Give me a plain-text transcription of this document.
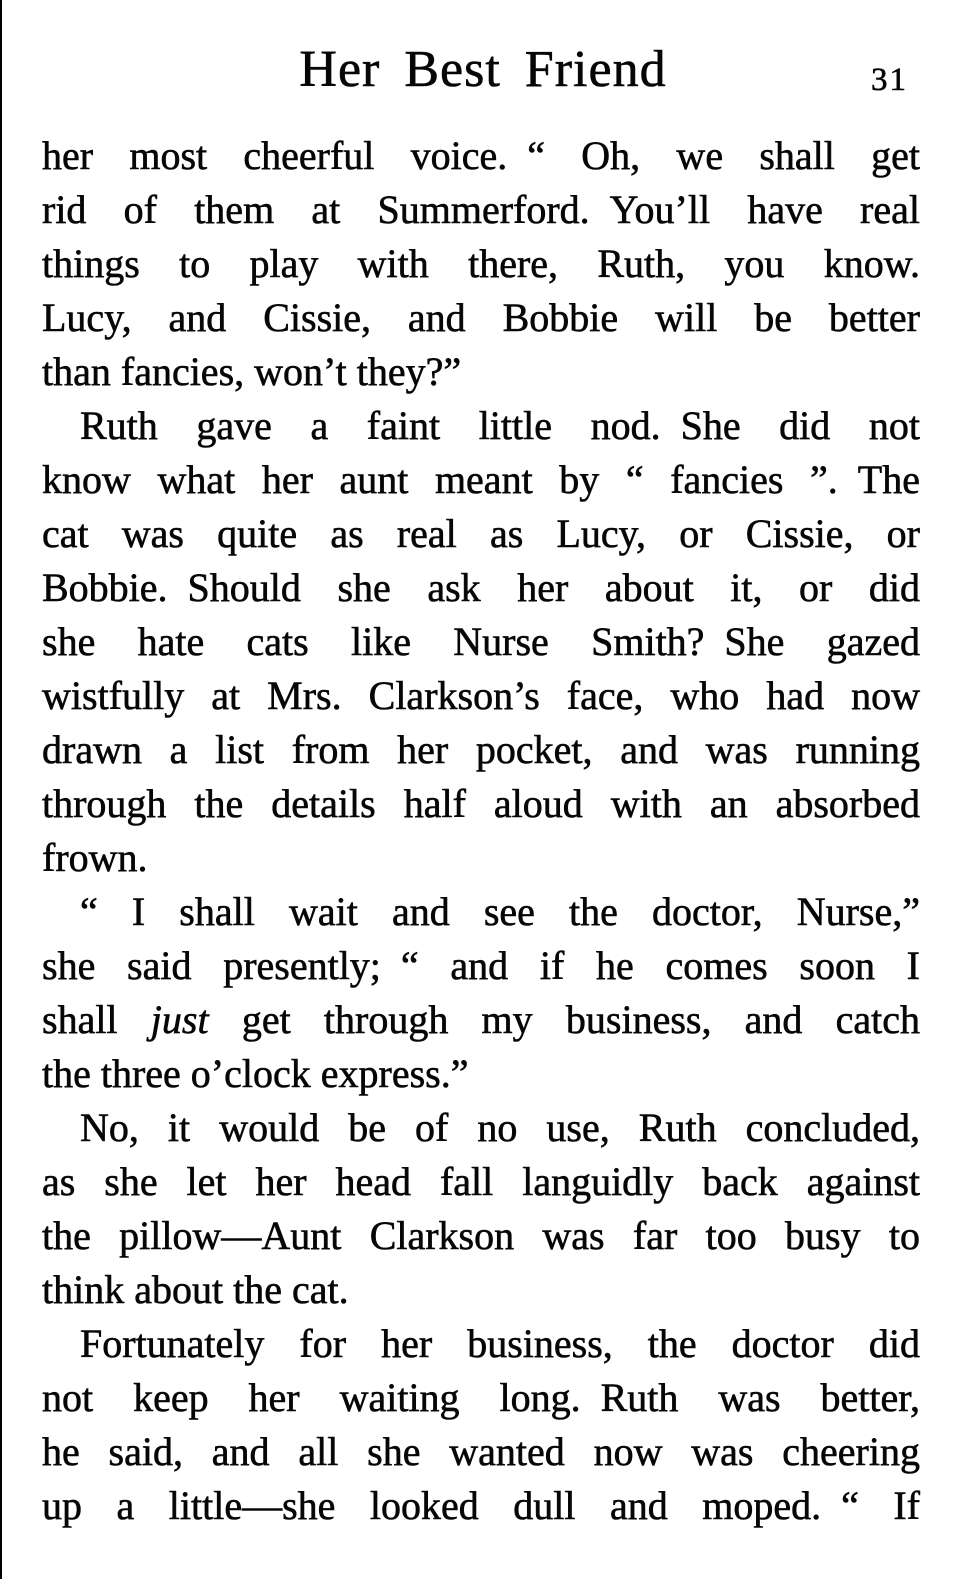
Her Best Friend	31
her most cheerful voice. “ Oh, we shall get
rid of them at Summerford. You’ll have real
things to play with there, Ruth, you know.
Lucy, and Cissie, and Bobbie will be better
than fancies, won’t they?”
Ruth gave a faint little nod. She did not
know what her aunt meant by “ fancies ”. The
cat was quite as real as Lucy, or Cissie, or
Bobbie. Should she ask her about it, or did
she hate cats like Nurse Smith? She gazed
wistfully at Mrs. Clarkson’s face, who had now
drawn a list from her pocket, and was running
through the details half aloud with an absorbed
frown.
“ I shall wait and see the doctor, Nurse,”
she said presently; “ and if he comes soon I
shall just get through my business, and catch
the three o’clock express.”
No, it would be of no use, Ruth concluded,
as she let her head fall languidly back against
the pillow—Aunt Clarkson was far too busy to
think about the cat.
Fortunately for her business, the doctor did
not keep her waiting long. Ruth was better,
he said, and all she wanted now was cheering
up a little—she looked dull and moped. “ If
